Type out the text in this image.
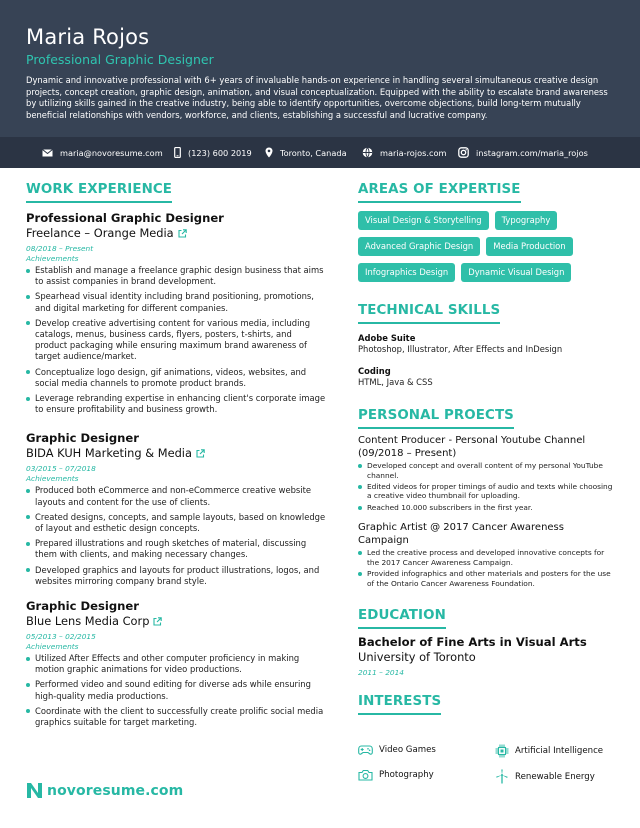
Maria Rojos
Professional Graphic Designer
Dynamic and innovative professional with 6+ years of invaluable hands-on experience in handling several simultaneous creative design projects, concept creation, graphic design, animation, and visual conceptualization. Equipped with the ability to escalate brand awareness by utilizing skills gained in the creative industry, being able to identify opportunities, overcome objections, build long-term mutually beneficial relationships with vendors, workforce, and clients, establishing a successful and lucrative company.
maria@novoresume.com	(123) 600 2019	Toronto, Canada	maria-rojos.com	instagram.com/maria_rojos
WORK EXPERIENCE
Professional Graphic Designer
Freelance – Orange Media
08/2018 – Present
Achievements
Establish and manage a freelance graphic design business that aims to assist companies in brand development.
Spearhead visual identity including brand positioning, promotions, and digital marketing for different companies.
Develop creative advertising content for various media, including catalogs, menus, business cards, flyers, posters, t-shirts, and product packaging while ensuring maximum brand awareness of target audience/market.
Conceptualize logo design, gif animations, videos, websites, and social media channels to promote product brands.
Leverage rebranding expertise in enhancing client's corporate image to ensure profitability and business growth.
Graphic Designer
BIDA KUH Marketing & Media
03/2015 – 07/2018
Achievements
Produced both eCommerce and non-eCommerce creative website layouts and content for the use of clients.
Created designs, concepts, and sample layouts, based on knowledge of layout and esthetic design concepts.
Prepared illustrations and rough sketches of material, discussing them with clients, and making necessary changes.
Developed graphics and layouts for product illustrations, logos, and websites mirroring company brand style.
Graphic Designer
Blue Lens Media Corp
05/2013 – 02/2015
Achievements
Utilized After Effects and other computer proficiency in making motion graphic animations for video productions.
Performed video and sound editing for diverse ads while ensuring high-quality media productions.
Coordinate with the client to successfully create prolific social media graphics suitable for target marketing.
AREAS OF EXPERTISE
Visual Design & Storytelling	Typography
Advanced Graphic Design	Media Production
Infographics Design	Dynamic Visual Design
TECHNICAL SKILLS
Adobe Suite
Photoshop, Illustrator, After Effects and InDesign
Coding
HTML, Java & CSS
PERSONAL PROECTS
Content Producer - Personal Youtube Channel (09/2018 – Present)
Developed concept and overall content of my personal YouTube channel.
Edited videos for proper timings of audio and texts while choosing a creative video thumbnail for uploading.
Reached 10.000 subscribers in the first year.
Graphic Artist @ 2017 Cancer Awareness Campaign
Led the creative process and developed innovative concepts for the 2017 Cancer Awareness Campaign.
Provided infographics and other materials and posters for the use of the Ontario Cancer Awareness Foundation.
EDUCATION
Bachelor of Fine Arts in Visual Arts
University of Toronto
2011 – 2014
INTERESTS
Video Games	Artificial Intelligence
Photography	Renewable Energy
novoresume.com
